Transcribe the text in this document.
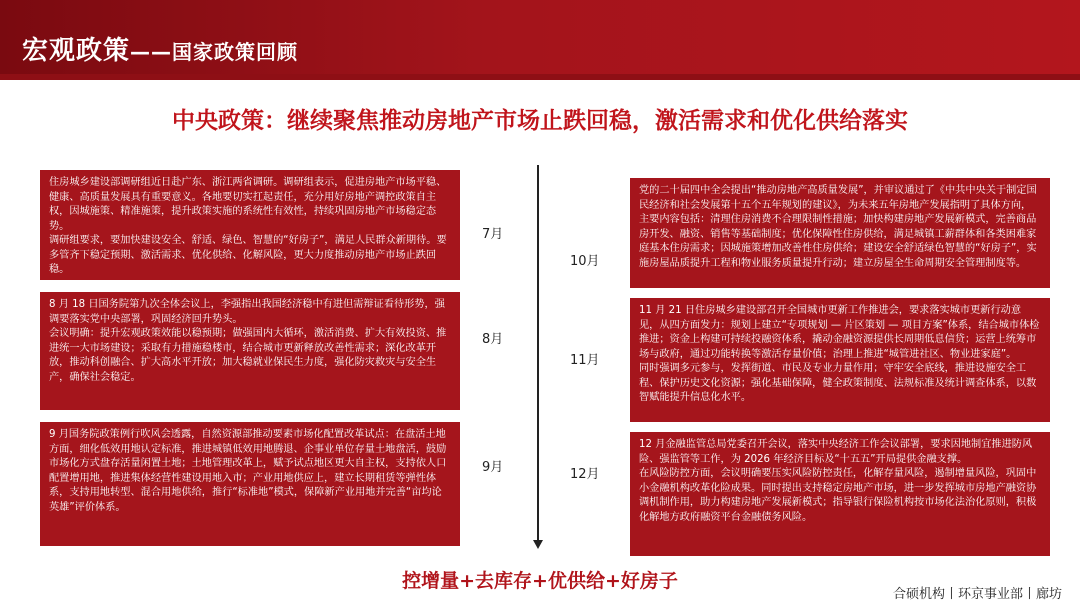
宏观政策——国家政策回顾
中央政策：继续聚焦推动房地产市场止跌回稳，激活需求和优化供给落实

住房城乡建设部调研组近日赴广东、浙江两省调研。调研组表示，促进房地产市场平稳、健康、高质量发展具有重要意义。各地要切实扛起责任，充分用好房地产调控政策自主权，因城施策、精准施策，提升政策实施的系统性有效性，持续巩固房地产市场稳定态势。

调研组要求，要加快建设安全、舒适、绿色、智慧的“好房子”，满足人民群众新期待。要多管齐下稳定预期、激活需求、优化供给、化解风险，更大力度推动房地产市场止跌回稳。

7月

8 月 18 日国务院第九次全体会议上，李强指出我国经济稳中有进但需辩证看待形势，强调要落实党中央部署，巩固经济回升势头。

会议明确：提升宏观政策效能以稳预期；做强国内大循环，激活消费、扩大有效投资、推进统一大市场建设；采取有力措施稳楼市，结合城市更新释放改善性需求；深化改革开放，推动科创融合、扩大高水平开放；加大稳就业保民生力度，强化防灾救灾与安全生产，确保社会稳定。

8月

9 月国务院政策例行吹风会透露，自然资源部推动要素市场化配置改革试点：在盘活土地方面，细化低效用地认定标准，推进城镇低效用地腾退、企事业单位存量土地盘活，鼓励市场化方式盘存活量闲置土地；土地管理改革上，赋予试点地区更大自主权，支持依人口配置增用地，推进集体经营性建设用地入市；产业用地供应上，建立长期租赁等弹性体系，支持用地转型、混合用地供给，推行“标准地”模式，保障新产业用地并完善“亩均论英雄”评价体系。

9月

党的二十届四中全会提出“推动房地产高质量发展”，并审议通过了《中共中央关于制定国民经济和社会发展第十五个五年规划的建议》，为未来五年房地产发展指明了具体方向，主要内容包括：清理住房消费不合理限制性措施；加快构建房地产发展新模式，完善商品房开发、融资、销售等基础制度；优化保障性住房供给，满足城镇工薪群体和各类困难家庭基本住房需求；因城施策增加改善性住房供给；建设安全舒适绿色智慧的“好房子”，实施房屋品质提升工程和物业服务质量提升行动；建立房屋全生命周期安全管理制度等。

10月

11 月 21 日住房城乡建设部召开全国城市更新工作推进会，要求落实城市更新行动意见，从四方面发力：规划上建立“专项规划 — 片区策划 — 项目方案”体系，结合城市体检推进；资金上构建可持续投融资体系，撬动金融资源提供长周期低息信贷；运营上统筹市场与政府，通过功能转换等激活存量价值；治理上推进“城管进社区、物业进家庭”。

同时强调多元参与，发挥街道、市民及专业力量作用；守牢安全底线，推进设施安全工程、保护历史文化资源；强化基础保障，健全政策制度、法规标准及统计调查体系，以数智赋能提升信息化水平。

11月

12 月金融监管总局党委召开会议，落实中央经济工作会议部署，要求因地制宜推进防风险、强监管等工作，为 2026 年经济目标及“十五五”开局提供金融支撑。

在风险防控方面，会议明确要压实风险防控责任，化解存量风险，遏制增量风险，巩固中小金融机构改革化险成果。同时提出支持稳定房地产市场，进一步发挥城市房地产融资协调机制作用，助力构建房地产发展新模式；指导银行保险机构按市场化法治化原则，积极化解地方政府融资平台金融债务风险。

12月
控增量+去库存+优供给+好房子
合硕机构丨环京事业部丨廊坊
